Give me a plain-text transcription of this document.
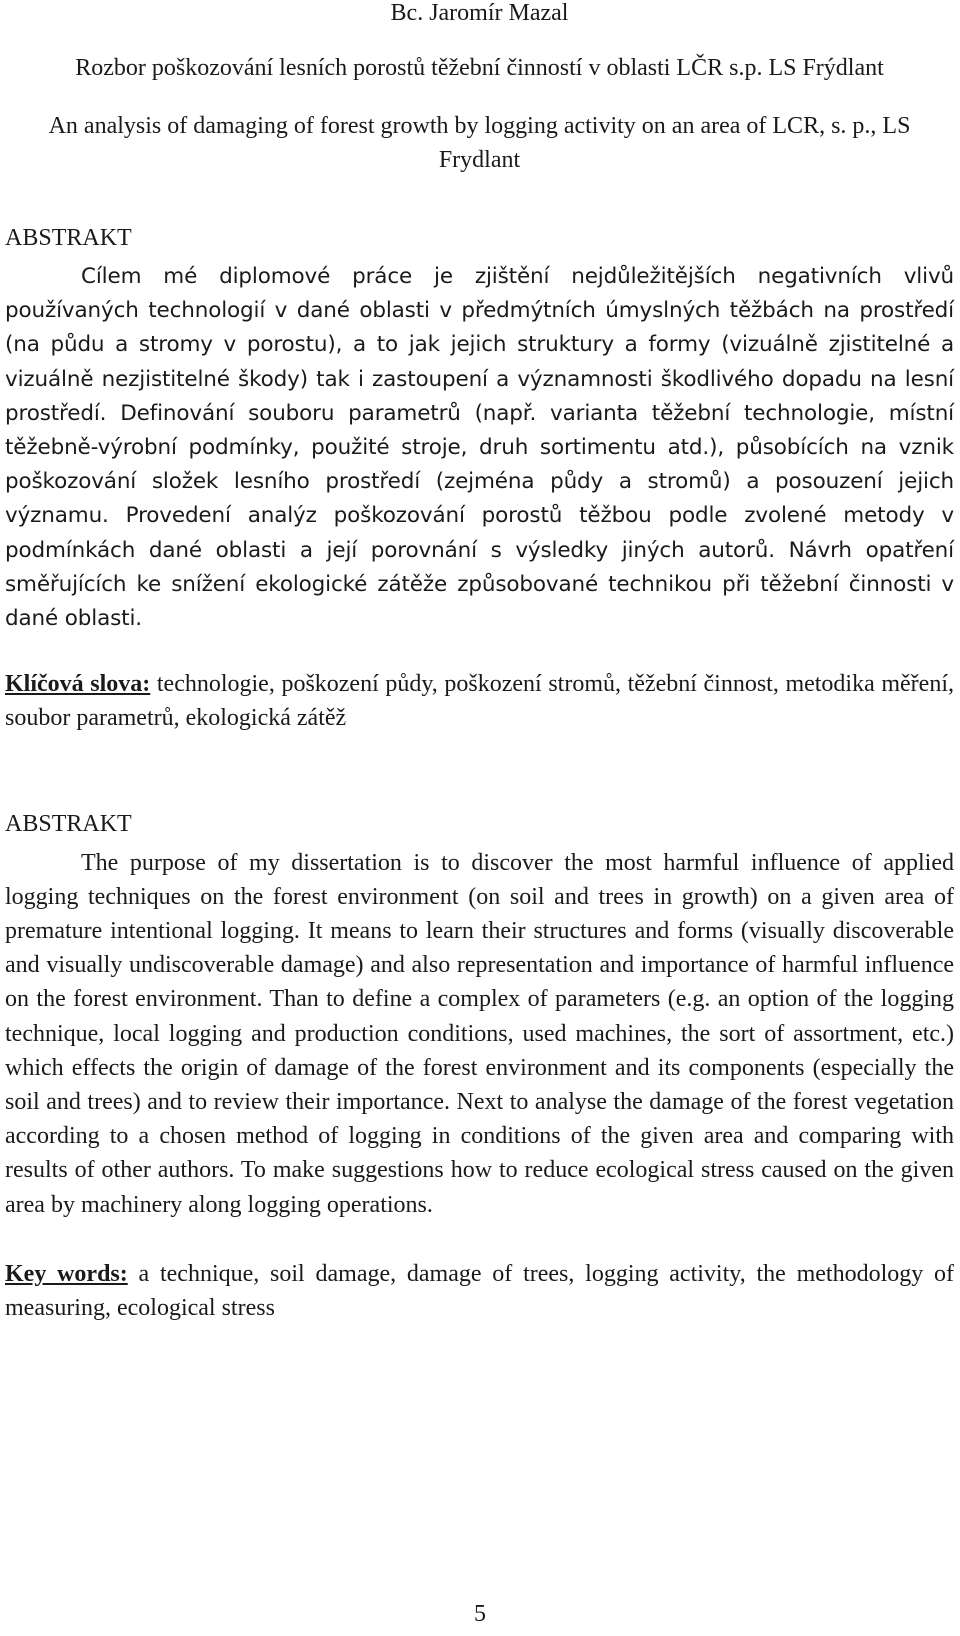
Bc. Jaromír Mazal
Rozbor poškozování lesních porostů těžební činností v oblasti LČR s.p. LS Frýdlant
An analysis of damaging of forest growth by logging activity on an area of LCR, s. p., LS Frydlant
ABSTRAKT

Cílem mé diplomové práce je zjištění nejdůležitějších negativních vlivů používaných technologií v dané oblasti v předmýtních úmyslných těžbách na prostředí (na půdu a stromy v porostu), a to jak jejich struktury a formy (vizuálně zjistitelné a vizuálně nezjistitelné škody) tak i zastoupení a významnosti škodlivého dopadu na lesní prostředí. Definování souboru parametrů (např. varianta těžební technologie, místní těžebně-výrobní podmínky, použité stroje, druh sortimentu atd.), působících na vznik poškozování složek lesního prostředí (zejména půdy a stromů) a posouzení jejich významu. Provedení analýz poškozování porostů těžbou podle zvolené metody v podmínkách dané oblasti a její porovnání s výsledky jiných autorů. Návrh opatření směřujících ke snížení ekologické zátěže způsobované technikou při těžební činnosti v dané oblasti.

Klíčová slova: technologie, poškození půdy, poškození stromů, těžební činnost, metodika měření, soubor parametrů, ekologická zátěž

ABSTRAKT

The purpose of my dissertation is to discover the most harmful influence of applied logging techniques on the forest environment (on soil and trees in growth) on a given area of premature intentional logging. It means to learn their structures and forms (visually discoverable and visually undiscoverable damage) and also representation and importance of harmful influence on the forest environment. Than to define a complex of parameters (e.g. an option of the logging technique, local logging and production conditions, used machines, the sort of assortment, etc.) which effects the origin of damage of the forest environment and its components (especially the soil and trees) and to review their importance. Next to analyse the damage of the forest vegetation according to a chosen method of logging in conditions of the given area and comparing with results of other authors. To make suggestions how to reduce ecological stress caused on the given area by machinery along logging operations.

Key words: a technique, soil damage, damage of trees, logging activity, the methodology of measuring, ecological stress

5
